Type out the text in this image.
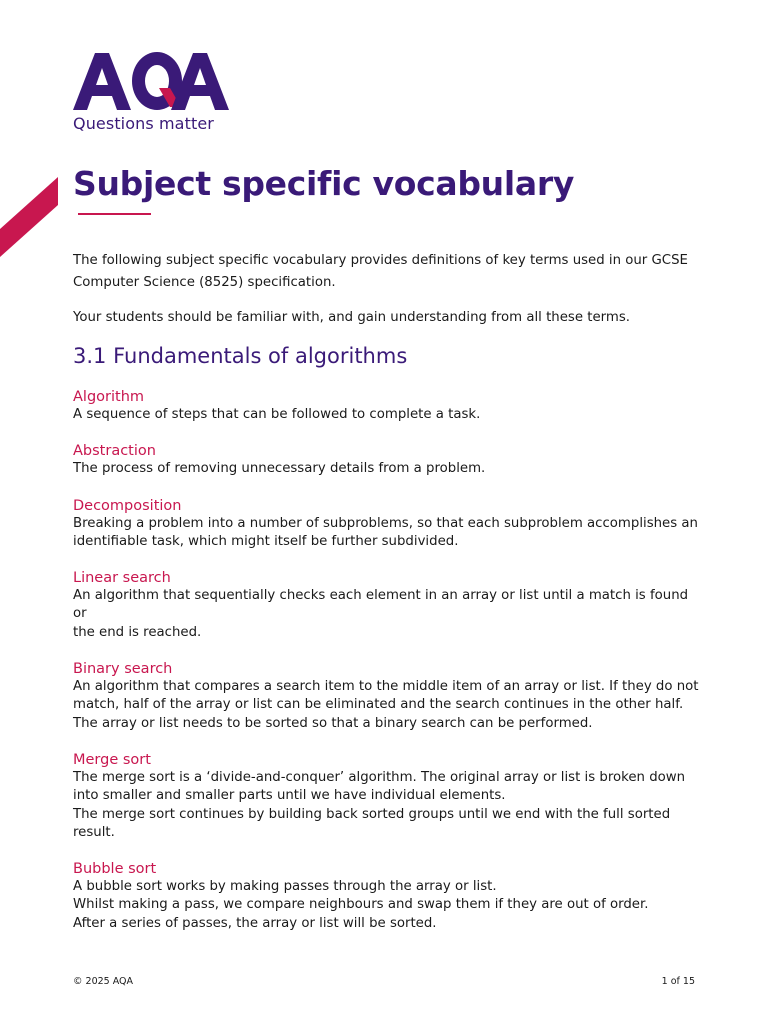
Questions matter
Subject specific vocabulary

The following subject specific vocabulary provides definitions of key terms used in our GCSE Computer Science (8525) specification.

Your students should be familiar with, and gain understanding from all these terms.

3.1 Fundamentals of algorithms
Algorithm
A sequence of steps that can be followed to complete a task.
Abstraction
The process of removing unnecessary details from a problem.
Decomposition
Breaking a problem into a number of subproblems, so that each subproblem accomplishes an
identifiable task, which might itself be further subdivided.
Linear search
An algorithm that sequentially checks each element in an array or list until a match is found or
the end is reached.
Binary search
An algorithm that compares a search item to the middle item of an array or list. If they do not
match, half of the array or list can be eliminated and the search continues in the other half.
The array or list needs to be sorted so that a binary search can be performed.
Merge sort
The merge sort is a ‘divide-and-conquer’ algorithm. The original array or list is broken down
into smaller and smaller parts until we have individual elements.
The merge sort continues by building back sorted groups until we end with the full sorted
result.
Bubble sort
A bubble sort works by making passes through the array or list.
Whilst making a pass, we compare neighbours and swap them if they are out of order.
After a series of passes, the array or list will be sorted.
© 2025 AQA	1 of 15
